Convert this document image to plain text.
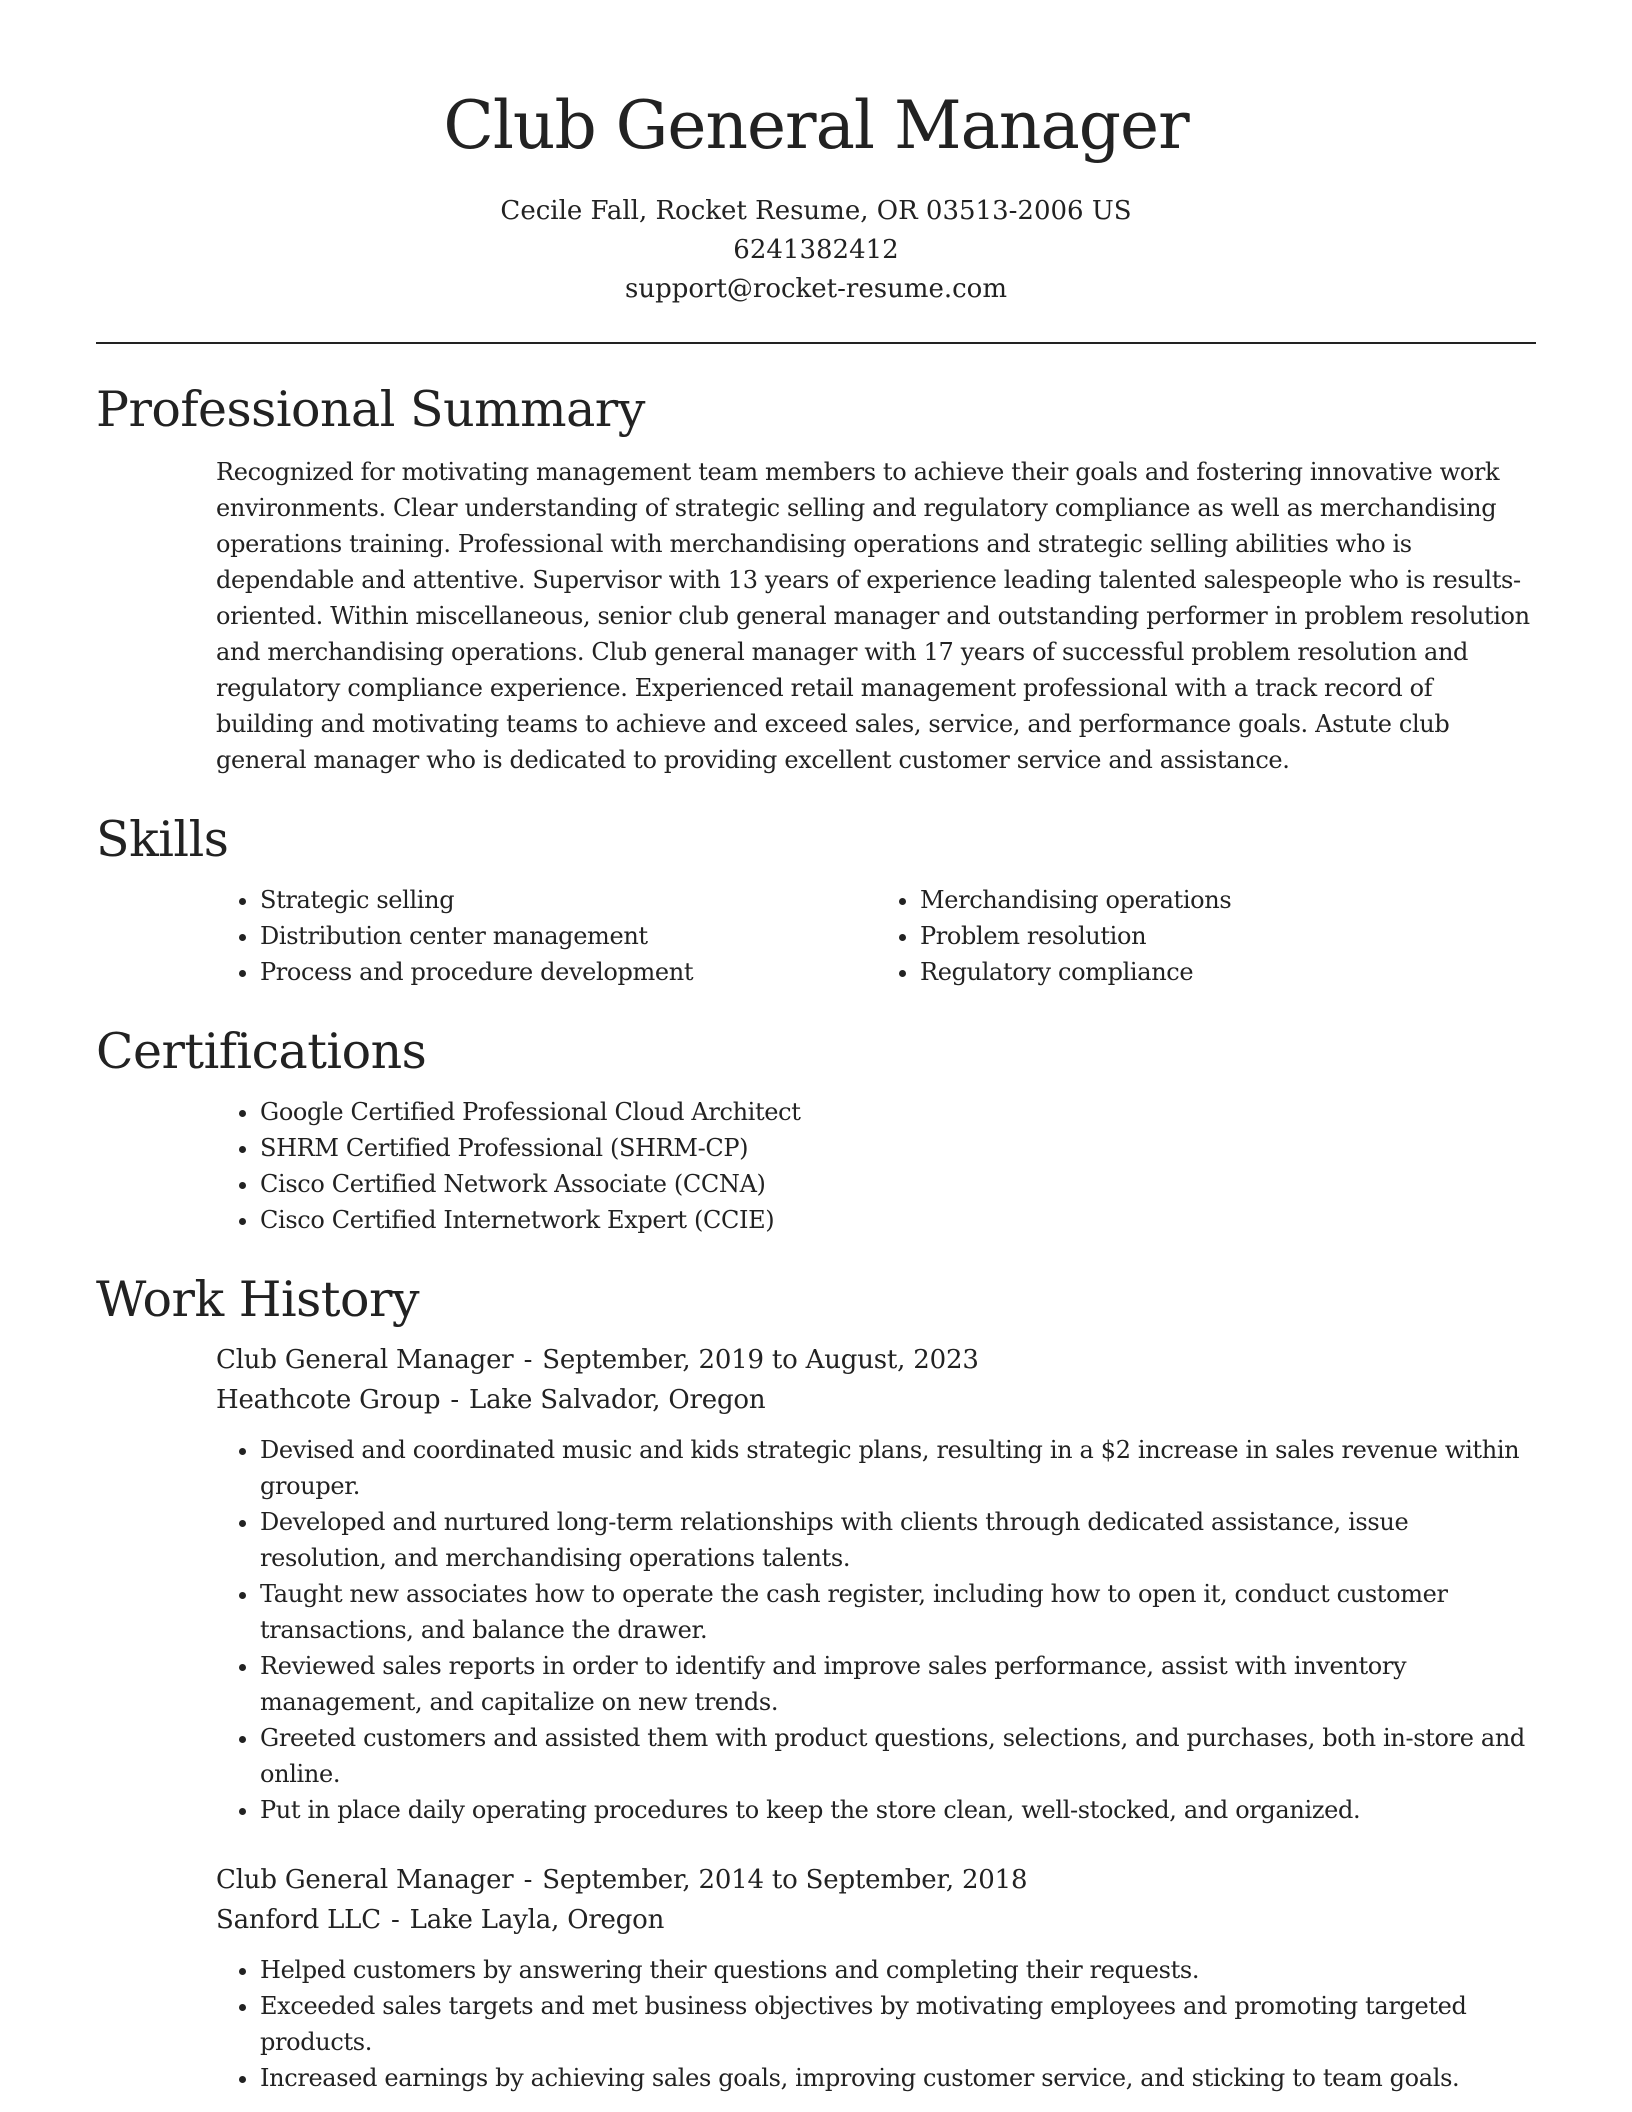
Club General Manager
Cecile Fall, Rocket Resume, OR 03513-2006 US
6241382412
support@rocket-resume.com
Professional Summary
Recognized for motivating management team members to achieve their goals and fostering innovative work environments. Clear understanding of strategic selling and regulatory compliance as well as merchandising operations training. Professional with merchandising operations and strategic selling abilities who is dependable and attentive. Supervisor with 13 years of experience leading talented salespeople who is results-oriented. Within miscellaneous, senior club general manager and outstanding performer in problem resolution and merchandising operations. Club general manager with 17 years of successful problem resolution and regulatory compliance experience. Experienced retail management professional with a track record of building and motivating teams to achieve and exceed sales, service, and performance goals. Astute club general manager who is dedicated to providing excellent customer service and assistance.
Skills
• Strategic selling
• Distribution center management
• Process and procedure development
• Merchandising operations
• Problem resolution
• Regulatory compliance
Certifications
• Google Certified Professional Cloud Architect
• SHRM Certified Professional (SHRM-CP)
• Cisco Certified Network Associate (CCNA)
• Cisco Certified Internetwork Expert (CCIE)
Work History
Club General Manager - September, 2019 to August, 2023
Heathcote Group - Lake Salvador, Oregon
• Devised and coordinated music and kids strategic plans, resulting in a $2 increase in sales revenue within grouper.
• Developed and nurtured long-term relationships with clients through dedicated assistance, issue resolution, and merchandising operations talents.
• Taught new associates how to operate the cash register, including how to open it, conduct customer transactions, and balance the drawer.
• Reviewed sales reports in order to identify and improve sales performance, assist with inventory management, and capitalize on new trends.
• Greeted customers and assisted them with product questions, selections, and purchases, both in-store and online.
• Put in place daily operating procedures to keep the store clean, well-stocked, and organized.
Club General Manager - September, 2014 to September, 2018
Sanford LLC - Lake Layla, Oregon
• Helped customers by answering their questions and completing their requests.
• Exceeded sales targets and met business objectives by motivating employees and promoting targeted products.
• Increased earnings by achieving sales goals, improving customer service, and sticking to team goals.
